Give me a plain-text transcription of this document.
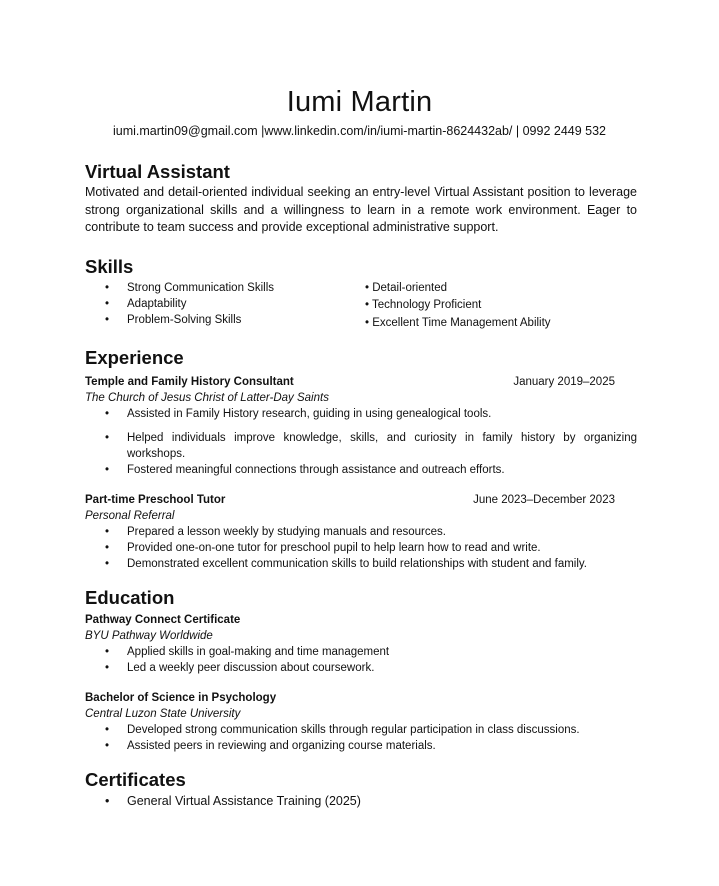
Iumi Martin
iumi.martin09@gmail.com |www.linkedin.com/in/iumi-martin-8624432ab/ | 0992 2449 532
Virtual Assistant

Motivated and detail-oriented individual seeking an entry-level Virtual Assistant position to leverage strong organizational skills and a willingness to learn in a remote work environment. Eager to contribute to team success and provide exceptional administrative support.

Skills
• Strong Communication Skills
• Adaptability
• Problem-Solving Skills
• Detail-oriented
• Technology Proficient
• Excellent Time Management Ability
Experience
Temple and Family History Consultant	January 2019–2025
The Church of Jesus Christ of Latter-Day Saints
• Assisted in Family History research, guiding in using genealogical tools.
• Helped individuals improve knowledge, skills, and curiosity in family history by organizing workshops.
• Fostered meaningful connections through assistance and outreach efforts.
Part-time Preschool Tutor	June 2023–December 2023
Personal Referral
• Prepared a lesson weekly by studying manuals and resources.
• Provided one-on-one tutor for preschool pupil to help learn how to read and write.
• Demonstrated excellent communication skills to build relationships with student and family.
Education
Pathway Connect Certificate
BYU Pathway Worldwide
• Applied skills in goal-making and time management
• Led a weekly peer discussion about coursework.
Bachelor of Science in Psychology
Central Luzon State University
• Developed strong communication skills through regular participation in class discussions.
• Assisted peers in reviewing and organizing course materials.
Certificates
• General Virtual Assistance Training (2025)
